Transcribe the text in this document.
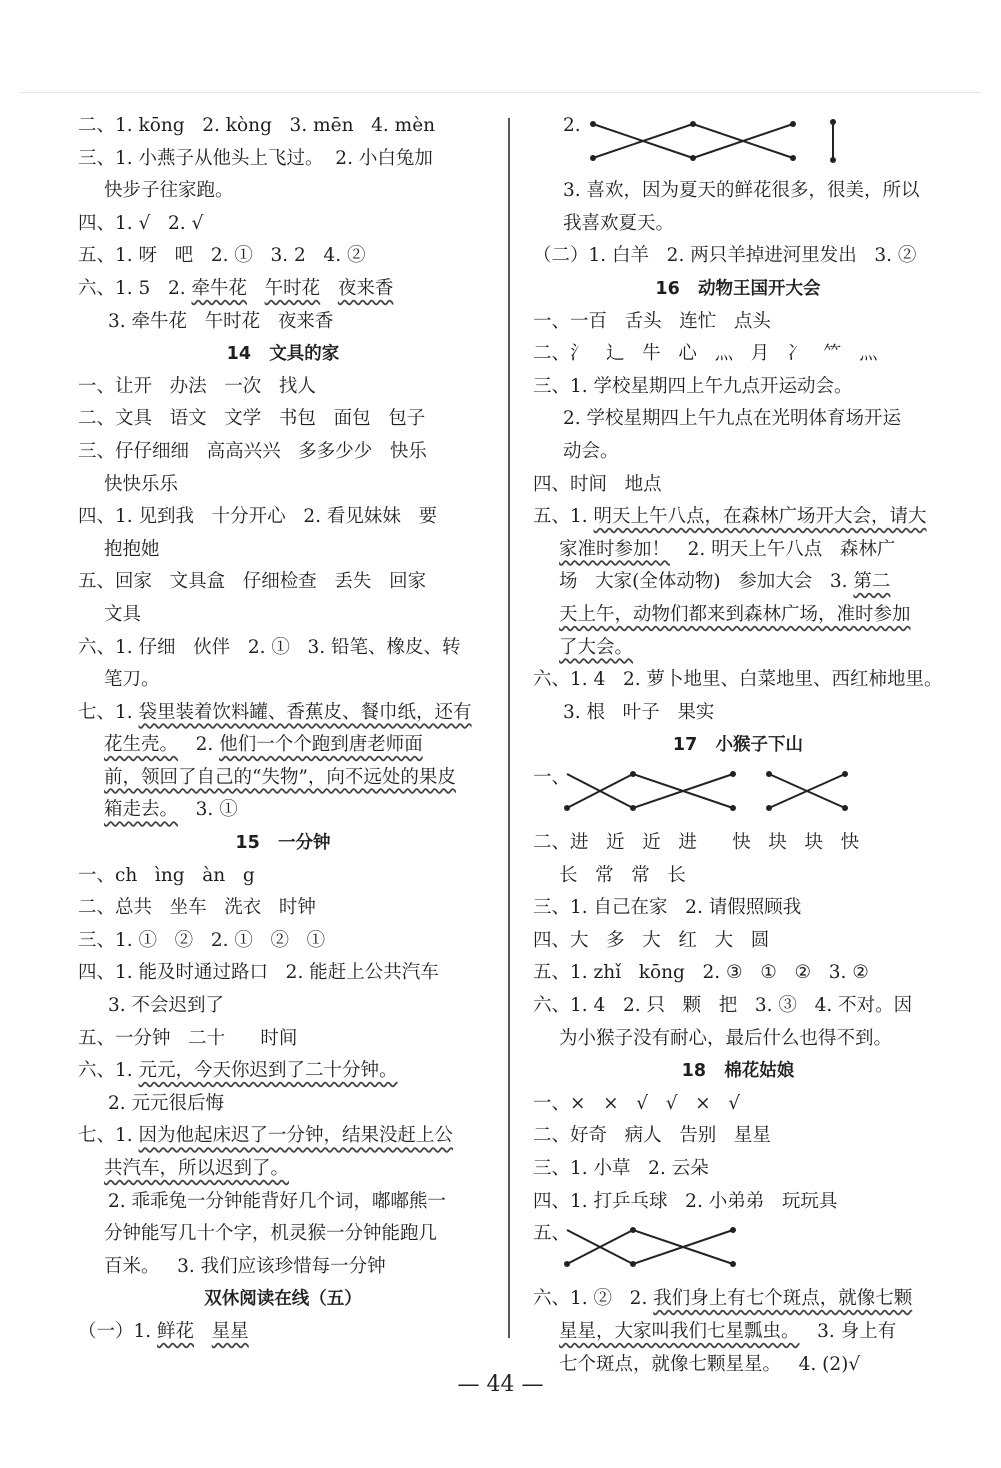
二、1. kōng   2. kòng   3. mēn   4. mèn
三、1. 小燕子从他头上飞过。  2. 小白兔加
快步子往家跑。
四、1. √   2. √
五、1. 呀   吧   2. ①   3. 2   4. ②
六、1. 5   2. 牵牛花 午时花 夜来香
3. 牵牛花   午时花   夜来香
14   文具的家
一、让开   办法   一次   找人
二、文具   语文   文学   书包   面包   包子
三、仔仔细细   高高兴兴   多多少少   快乐
快快乐乐
四、1. 见到我   十分开心   2. 看见妹妹   要
抱抱她
五、回家   文具盒   仔细检查   丢失   回家
文具
六、1. 仔细   伙伴   2. ①   3. 铅笔、橡皮、转
笔刀。
七、1. 袋里装着饮料罐、香蕉皮、餐巾纸，还有
花生壳。   2. 他们一个个跑到唐老师面
前，领回了自己的“失物”，向不远处的果皮
箱走去。   3. ①
15   一分钟
一、ch   ìng   àn   g
二、总共   坐车   洗衣   时钟
三、1. ①   ②   2. ①   ②   ①
四、1. 能及时通过路口   2. 能赶上公共汽车
3. 不会迟到了
五、一分钟   二十      时间
六、1. 元元，今天你迟到了二十分钟。
2. 元元很后悔
七、1. 因为他起床迟了一分钟，结果没赶上公
共汽车，所以迟到了。
2. 乖乖兔一分钟能背好几个词，嘟嘟熊一
分钟能写几十个字，机灵猴一分钟能跑几
百米。   3. 我们应该珍惜每一分钟
双休阅读在线（五）
（一）1. 鲜花 星星
2.
3. 喜欢，因为夏天的鲜花很多，很美，所以
我喜欢夏天。
（二）1. 白羊   2. 两只羊掉进河里发出   3. ②
16   动物王国开大会
一、一百   舌头   连忙   点头
二、氵   辶   牛   心   灬   月   冫   ⺮   灬
三、1. 学校星期四上午九点开运动会。
2. 学校星期四上午九点在光明体育场开运
动会。
四、时间   地点
五、1. 明天上午八点，在森林广场开大会，请大
家准时参加！   2. 明天上午八点   森林广
场   大家(全体动物)   参加大会   3. 第二
天上午，动物们都来到森林广场，准时参加
了大会。
六、1. 4   2. 萝卜地里、白菜地里、西红柿地里。
3. 根   叶子   果实
17   小猴子下山
一、
二、进   近   近   进      快   块   块   快
长   常   常   长
三、1. 自己在家   2. 请假照顾我
四、大   多   大   红   大   圆
五、1. zhǐ   kōng   2. ③   ①   ②   3. ②
六、1. 4   2. 只   颗   把   3. ③   4. 不对。因
为小猴子没有耐心，最后什么也得不到。
18   棉花姑娘
一、×   ×   √   √   ×   √
二、好奇   病人   告别   星星
三、1. 小草   2. 云朵
四、1. 打乒乓球   2. 小弟弟   玩玩具
五、
六、1. ②   2. 我们身上有七个斑点，就像七颗
星星，大家叫我们七星瓢虫。   3. 身上有
七个斑点，就像七颗星星。   4. (2)√
— 44 —
